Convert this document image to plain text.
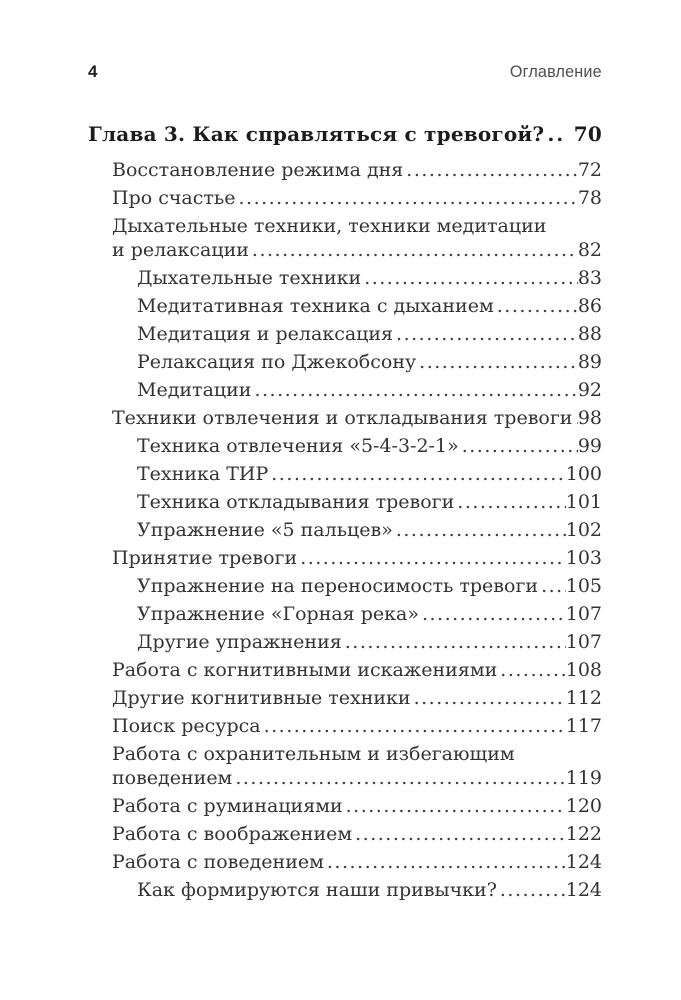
4	Оглавление
Глава 3. Как справляться с тревогой? ..... 70
Восстановление режима дня .....	72
Про счастье .....	78
Дыхательные техники, техники медитации
и релаксации .....	82
Дыхательные техники .....	83
Медитативная техника с дыханием .....	86
Медитация и релаксация .....	88
Релаксация по Джекобсону .....	89
Медитации .....	92
Техники отвлечения и откладывания тревоги ..... 98
Техника отвлечения «5-4-3-2-1» .....	99
Техника ТИР .....	100
Техника откладывания тревоги .....	101
Упражнение «5 пальцев» .....	102
Принятие тревоги .....	103
Упражнение на переносимость тревоги ..... 105
Упражнение «Горная река» .....	107
Другие упражнения .....	107
Работа с когнитивными искажениями .....	108
Другие когнитивные техники .....	112
Поиск ресурса .....	117
Работа с охранительным и избегающим
поведением .....	119
Работа с руминациями .....	120
Работа с воображением .....	122
Работа с поведением .....	124
Как формируются наши привычки? .....	124
